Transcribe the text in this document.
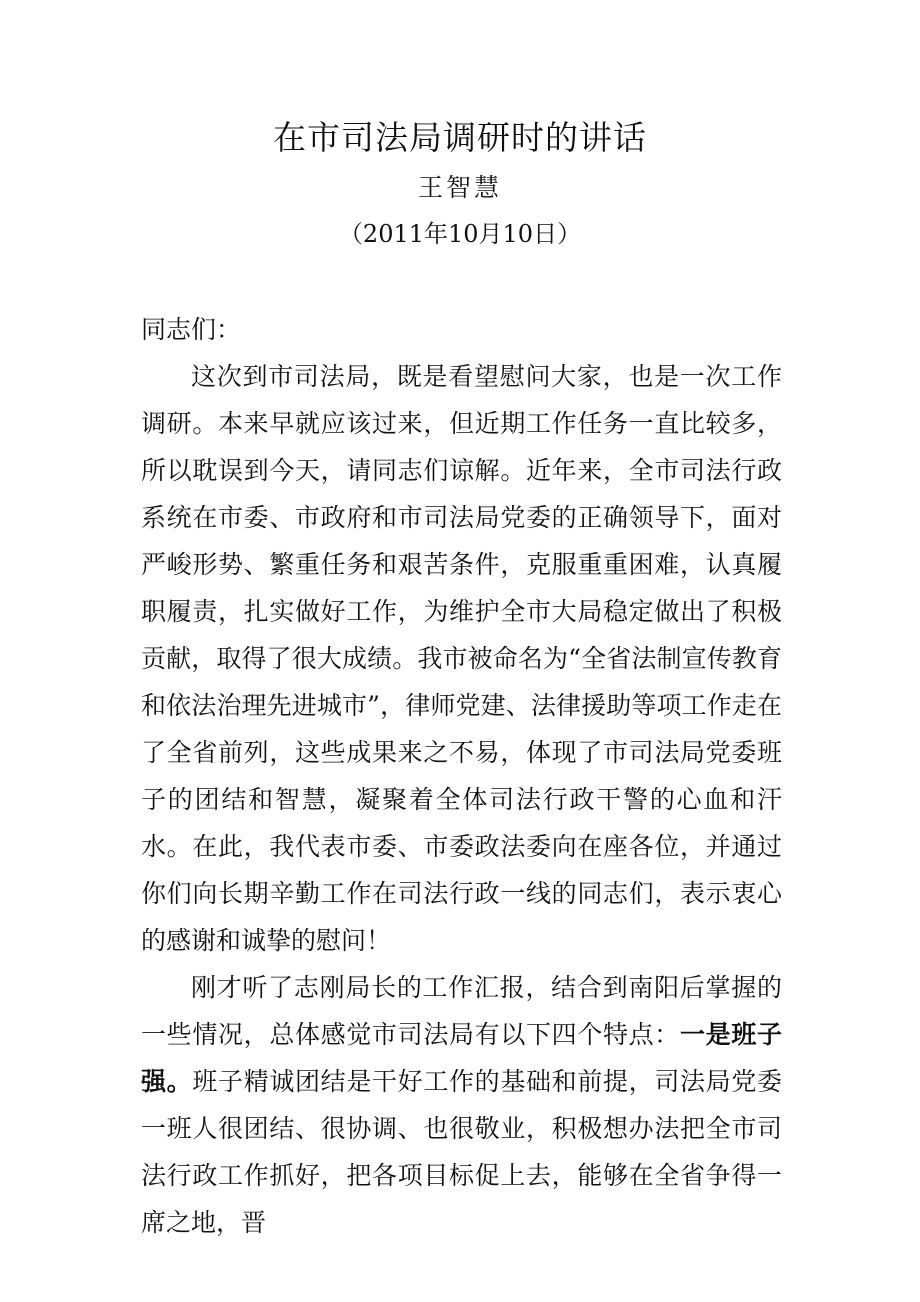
在市司法局调研时的讲话
王智慧
（2011年10月10日）

同志们：

这次到市司法局，既是看望慰问大家，也是一次工作调研。本来早就应该过来，但近期工作任务一直比较多，所以耽误到今天，请同志们谅解。近年来，全市司法行政系统在市委、市政府和市司法局党委的正确领导下，面对严峻形势、繁重任务和艰苦条件，克服重重困难，认真履职履责，扎实做好工作，为维护全市大局稳定做出了积极贡献，取得了很大成绩。我市被命名为“全省法制宣传教育和依法治理先进城市”，律师党建、法律援助等项工作走在了全省前列，这些成果来之不易，体现了市司法局党委班子的团结和智慧，凝聚着全体司法行政干警的心血和汗水。在此，我代表市委、市委政法委向在座各位，并通过你们向长期辛勤工作在司法行政一线的同志们，表示衷心的感谢和诚挚的慰问！

刚才听了志刚局长的工作汇报，结合到南阳后掌握的一些情况，总体感觉市司法局有以下四个特点：一是班子强。班子精诚团结是干好工作的基础和前提，司法局党委一班人很团结、很协调、也很敬业，积极想办法把全市司法行政工作抓好，把各项目标促上去，能够在全省争得一席之地，晋
